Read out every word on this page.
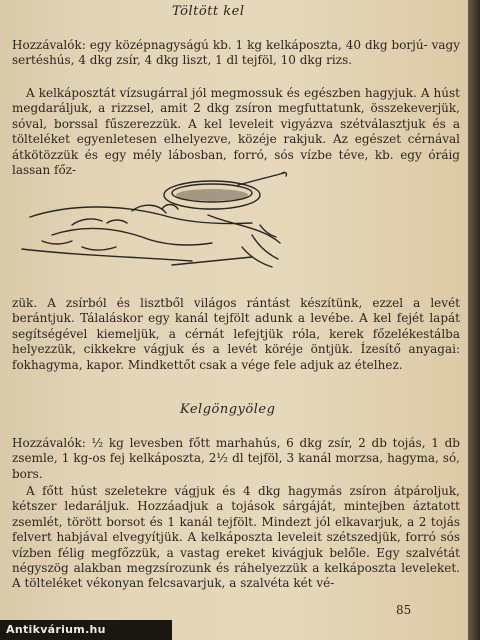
Töltött kel

Hozzávalók: egy középnagyságú kb. 1 kg kelkáposzta, 40 dkg borjú- vagy sertéshús, 4 dkg zsír, 4 dkg liszt, 1 dl tejföl, 10 dkg rizs.

A kelkáposztát vízsugárral jól megmossuk és egészben hagyjuk. A húst megdaráljuk, a rizzsel, amit 2 dkg zsíron megfuttatunk, összekeverjük, sóval, borssal fűszerezzük. A kel leveleit vigyázva szétválasztjuk és a tölteléket egyenletesen elhelyezve, közéje rakjuk. Az egészet cérnával átkötözzük és egy mély lábosban, forró, sós vízbe téve, kb. egy óráig lassan főz-

zük. A zsírból és lisztből világos rántást készítünk, ezzel a levét berántjuk. Tálaláskor egy kanál tejfölt adunk a levébe. A kel fejét lapát segítségével kiemeljük, a cérnát lefejtjük róla, kerek főzelékestálba helyezzük, cikkekre vágjuk és a levét köréje öntjük. Ízesítő anyagai: fokhagyma, kapor. Mindkettőt csak a vége fele adjuk az ételhez.

Kelgöngyöleg

Hozzávalók: ½ kg levesben főtt marhahús, 6 dkg zsír, 2 db tojás, 1 db zsemle, 1 kg-os fej kelkáposzta, 2½ dl tejföl, 3 kanál morzsa, hagyma, só, bors.

A főtt húst szeletekre vágjuk és 4 dkg hagymás zsíron átpároljuk, kétszer ledaráljuk. Hozzáadjuk a tojások sárgáját, mintejben áztatott zsemlét, törött borsot és 1 kanál tejfölt. Mindezt jól elkavarjuk, a 2 tojás felvert habjával elvegyítjük. A kelkáposzta leveleit szétszedjük, forró sós vízben félig megfőzzük, a vastag ereket kivágjuk belőle. Egy szalvétát négyszög alakban megzsírozunk és ráhelyezzük a kelkáposzta leveleket. A tölteléket vékonyan felcsavarjuk, a szalvéta két vé-

85
Antikvárium.hu
